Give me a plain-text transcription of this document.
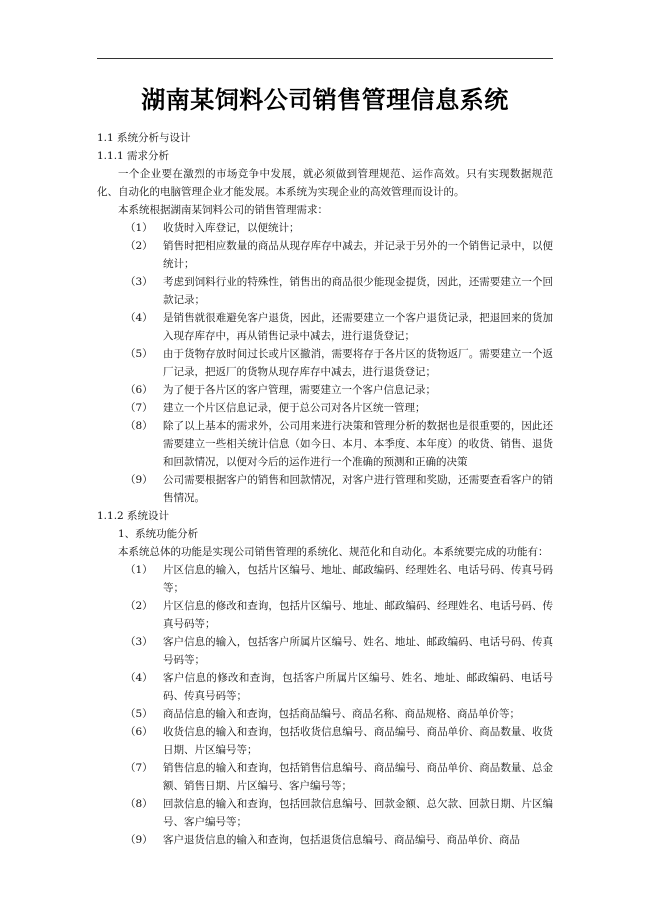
湖南某饲料公司销售管理信息系统
1.1 系统分析与设计
1.1.1 需求分析
一个企业要在激烈的市场竞争中发展，就必须做到管理规范、运作高效。只有实现数据规范化、自动化的电脑管理企业才能发展。本系统为实现企业的高效管理而设计的。
本系统根据湖南某饲料公司的销售管理需求：
（1） 收货时入库登记，以便统计；
（2） 销售时把相应数量的商品从现存库存中减去，并记录于另外的一个销售记录中，以便统计；
（3） 考虑到饲料行业的特殊性，销售出的商品很少能现金提货，因此，还需要建立一个回款记录；
（4） 是销售就很难避免客户退货，因此，还需要建立一个客户退货记录，把退回来的货加入现存库存中，再从销售记录中减去，进行退货登记；
（5） 由于货物存放时间过长或片区撤消，需要将存于各片区的货物返厂。需要建立一个返厂记录，把返厂的货物从现存库存中减去，进行退货登记；
（6） 为了便于各片区的客户管理，需要建立一个客户信息记录；
（7） 建立一个片区信息记录，便于总公司对各片区统一管理；
（8） 除了以上基本的需求外，公司用来进行决策和管理分析的数据也是很重要的，因此还需要建立一些相关统计信息（如今日、本月、本季度、本年度）的收货、销售、退货和回款情况，以便对今后的运作进行一个准确的预测和正确的决策
（9） 公司需要根据客户的销售和回款情况，对客户进行管理和奖励，还需要查看客户的销售情况。
1.1.2 系统设计
1、系统功能分析
本系统总体的功能是实现公司销售管理的系统化、规范化和自动化。本系统要完成的功能有：
（1） 片区信息的输入，包括片区编号、地址、邮政编码、经理姓名、电话号码、传真号码等；
（2） 片区信息的修改和查询，包括片区编号、地址、邮政编码、经理姓名、电话号码、传真号码等；
（3） 客户信息的输入，包括客户所属片区编号、姓名、地址、邮政编码、电话号码、传真号码等；
（4） 客户信息的修改和查询，包括客户所属片区编号、姓名、地址、邮政编码、电话号码、传真号码等；
（5） 商品信息的输入和查询，包括商品编号、商品名称、商品规格、商品单价等；
（6） 收货信息的输入和查询，包括收货信息编号、商品编号、商品单价、商品数量、收货日期、片区编号等；
（7） 销售信息的输入和查询，包括销售信息编号、商品编号、商品单价、商品数量、总金额、销售日期、片区编号、客户编号等；
（8） 回款信息的输入和查询，包括回款信息编号、回款金额、总欠款、回款日期、片区编号、客户编号等；
（9） 客户退货信息的输入和查询，包括退货信息编号、商品编号、商品单价、商品
